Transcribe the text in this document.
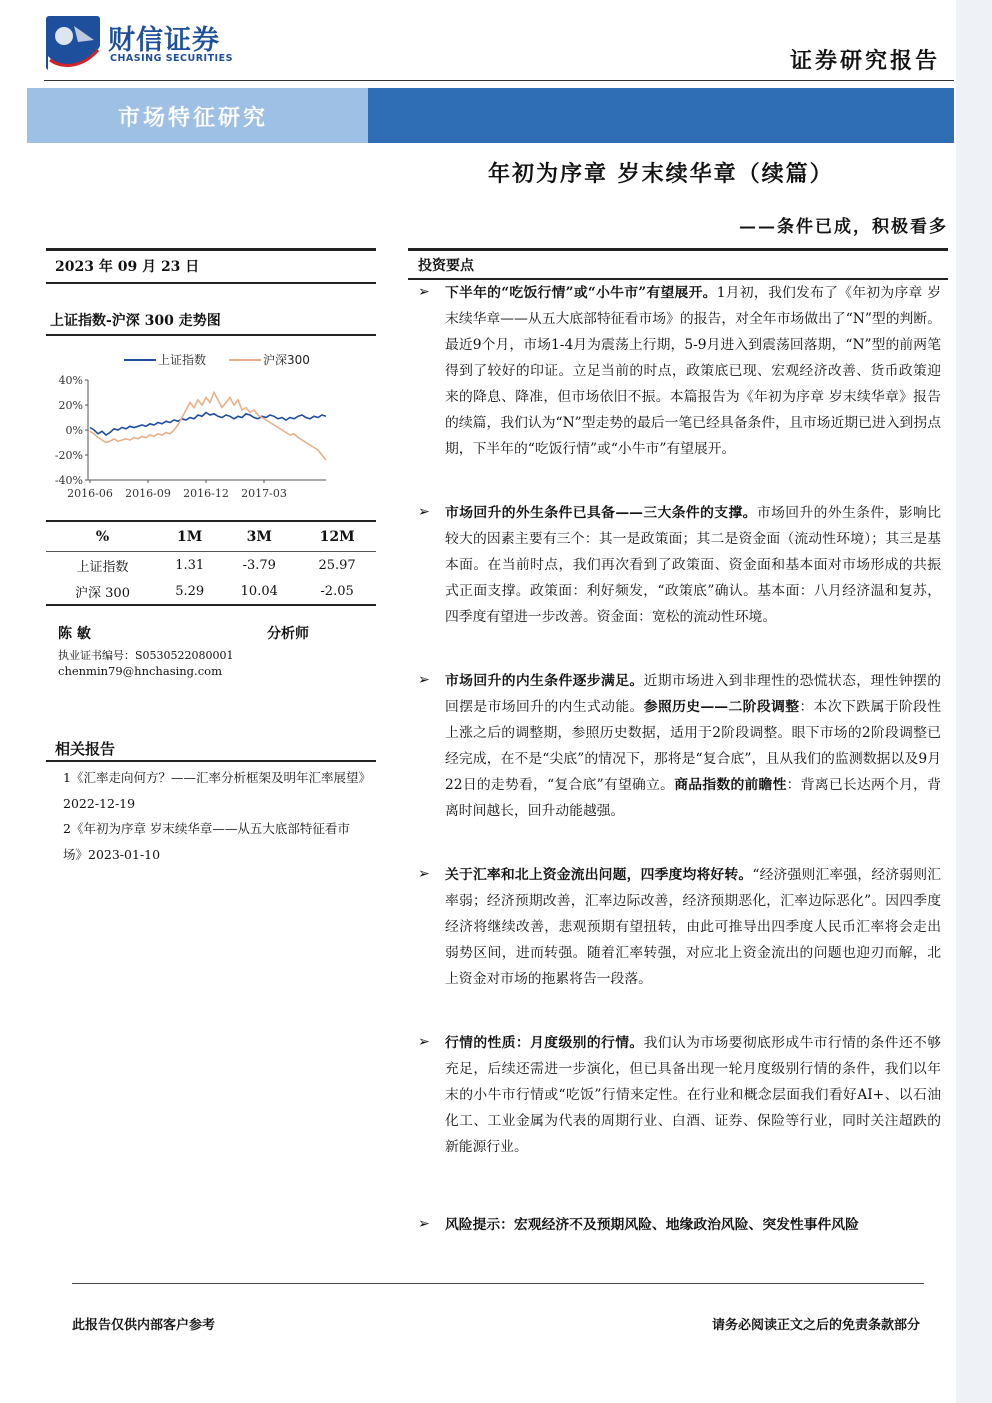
财信证券
CHASING SECURITIES	证券研究报告
市场特征研究
年初为序章 岁末续华章（续篇）
——条件已成，积极看多
2023 年 09 月 23 日
上证指数-沪深 300 走势图
40%
20%
0%
-20%
-40%
2016-06 2016-09 2016-12 2017-03
上证指数	沪深300
%	1M	3M	12M
上证指数	1.31	-3.79	25.97
沪深 300	5.29	10.04	-2.05
陈 敏	分析师
执业证书编号：S0530522080001
chenmin79@hnchasing.com
相关报告
1《汇率走向何方？——汇率分析框架及明年汇率展望》2022-12-19
2《年初为序章 岁末续华章——从五大底部特征看市场》2023-01-10
投资要点
➢ 下半年的“吃饭行情”或“小牛市”有望展开。1月初，我们发布了《年初为序章 岁末续华章——从五大底部特征看市场》的报告，对全年市场做出了“N”型的判断。最近9个月，市场1-4月为震荡上行期，5-9月进入到震荡回落期，“N”型的前两笔得到了较好的印证。立足当前的时点，政策底已现、宏观经济改善、货币政策迎来的降息、降准，但市场依旧不振。本篇报告为《年初为序章 岁末续华章》报告的续篇，我们认为“N”型走势的最后一笔已经具备条件，且市场近期已进入到拐点期，下半年的“吃饭行情”或“小牛市”有望展开。
➢ 市场回升的外生条件已具备——三大条件的支撑。市场回升的外生条件，影响比较大的因素主要有三个：其一是政策面；其二是资金面（流动性环境）；其三是基本面。在当前时点，我们再次看到了政策面、资金面和基本面对市场形成的共振式正面支撑。政策面：利好频发，“政策底”确认。基本面：八月经济温和复苏，四季度有望进一步改善。资金面：宽松的流动性环境。
➢ 市场回升的内生条件逐步满足。近期市场进入到非理性的恐慌状态，理性钟摆的回摆是市场回升的内生式动能。参照历史——二阶段调整：本次下跌属于阶段性上涨之后的调整期，参照历史数据，适用于2阶段调整。眼下市场的2阶段调整已经完成，在不是“尖底”的情况下，那将是“复合底”，且从我们的监测数据以及9月22日的走势看，“复合底”有望确立。商品指数的前瞻性：背离已长达两个月，背离时间越长，回升动能越强。
➢ 关于汇率和北上资金流出问题，四季度均将好转。“经济强则汇率强，经济弱则汇率弱；经济预期改善，汇率边际改善，经济预期恶化，汇率边际恶化”。因四季度经济将继续改善，悲观预期有望扭转，由此可推导出四季度人民币汇率将会走出弱势区间，进而转强。随着汇率转强，对应北上资金流出的问题也迎刃而解，北上资金对市场的拖累将告一段落。
➢ 行情的性质：月度级别的行情。我们认为市场要彻底形成牛市行情的条件还不够充足，后续还需进一步演化，但已具备出现一轮月度级别行情的条件，我们以年末的小牛市行情或“吃饭”行情来定性。在行业和概念层面我们看好AI+、以石油化工、工业金属为代表的周期行业、白酒、证券、保险等行业，同时关注超跌的新能源行业。
➢ 风险提示：宏观经济不及预期风险、地缘政治风险、突发性事件风险
此报告仅供内部客户参考	请务必阅读正文之后的免责条款部分
